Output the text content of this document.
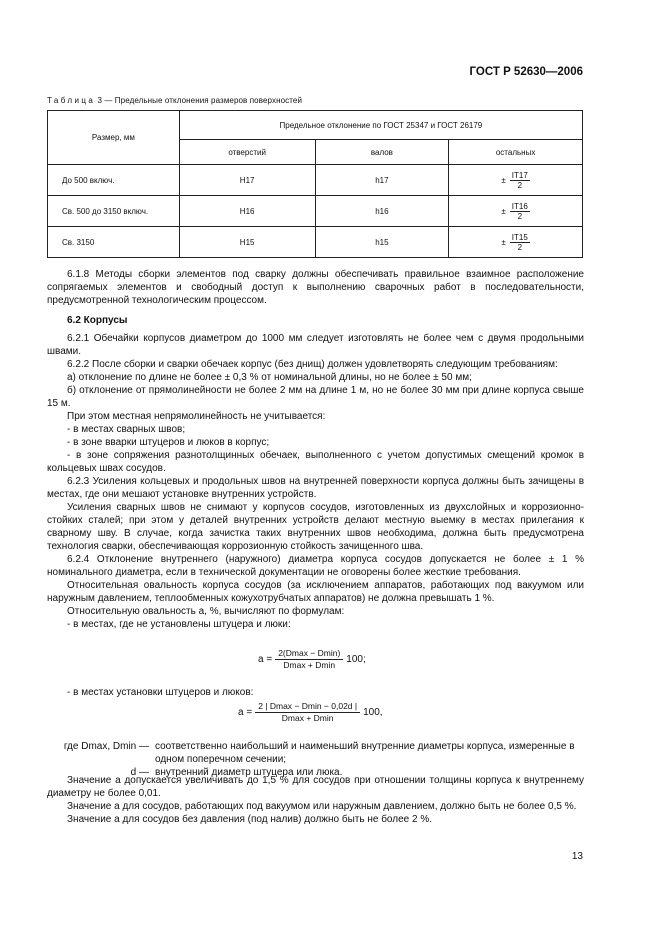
ГОСТ Р 52630—2006
Таблица 3 — Предельные отклонения размеров поверхностей
Размер, мм	Предельное отклонение по ГОСТ 25347 и ГОСТ 26179		
	отверстий	валов	остальных
До 500 включ.	H17	h17	± $\frac{IT17}{2}$

Св. 500 до 3150 включ.	H16	h16	± $\frac{IT16}{2}$

Св. 3150	H15	h15	± $\frac{IT15}{2}$

6.1.8 Методы сборки элементов под сварку должны обеспечивать правильное взаимное расположение сопрягаемых элементов и свободный доступ к выполнению сварочных работ в последовательности, предусмотренной технологическим процессом.

6.2 Корпусы

6.2.1 Обечайки корпусов диаметром до 1000 мм следует изготовлять не более чем с двумя продольными швами.

6.2.2 После сборки и сварки обечаек корпус (без днищ) должен удовлетворять следующим требованиям:

а) отклонение по длине не более ± 0,3 % от номинальной длины, но не более ± 50 мм;

б) отклонение от прямолинейности не более 2 мм на длине 1 м, но не более 30 мм при длине корпуса свыше 15 м.

При этом местная непрямолинейность не учитывается:

- в местах сварных швов;

- в зоне вварки штуцеров и люков в корпус;

- в зоне сопряжения разнотолщинных обечаек, выполненного с учетом допустимых смещений кромок в кольцевых швах сосудов.

6.2.3 Усиления кольцевых и продольных швов на внутренней поверхности корпуса должны быть зачищены в местах, где они мешают установке внутренних устройств.

Усиления сварных швов не снимают у корпусов сосудов, изготовленных из двухслойных и коррозионно-стойких сталей; при этом у деталей внутренних устройств делают местную выемку в местах прилегания к сварному шву. В случае, когда зачистка таких внутренних швов необходима, должна быть предусмотрена технология сварки, обеспечивающая коррозионную стойкость зачищенного шва.

6.2.4 Отклонение внутреннего (наружного) диаметра корпуса сосудов допускается не более ± 1 % номинального диаметра, если в технической документации не оговорены более жесткие требования.

Относительная овальность корпуса сосудов (за исключением аппаратов, работающих под вакуумом или наружным давлением, теплообменных кожухотрубчатых аппаратов) не должна превышать 1 %.

Относительную овальность a, %, вычисляют по формулам:

- в местах, где не установлены штуцера и люки:

$a = \frac{2(Dmax - Dmin)}{Dmax + Dmin} 100$;

- в местах установки штуцеров и люков:

$a = \frac{2 | Dmax - Dmin - 0,02d |}{Dmax + Dmin} 100$,
где Dmax, Dmin — соответственно наибольший и наименьший внутренние диаметры корпуса, измеренные в одном поперечном сечении;
d — внутренний диаметр штуцера или люка.

Значение a допускается увеличивать до 1,5 % для сосудов при отношении толщины корпуса к внутреннему диаметру не более 0,01.

Значение a для сосудов, работающих под вакуумом или наружным давлением, должно быть не более 0,5 %.

Значение a для сосудов без давления (под налив) должно быть не более 2 %.

13
